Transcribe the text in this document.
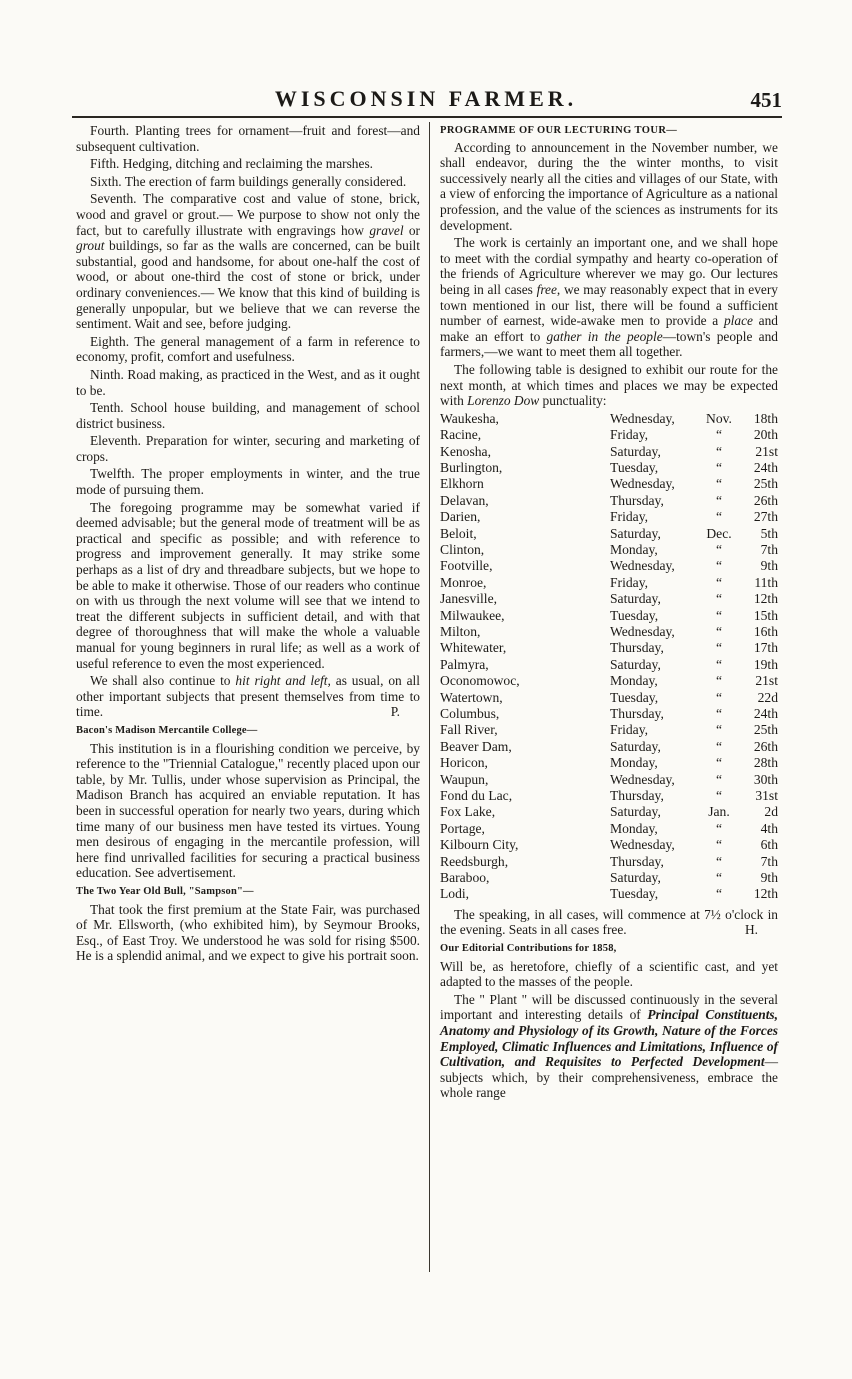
WISCONSIN FARMER.	451

Fourth. Planting trees for ornament—fruit and forest—and subsequent cultivation.

Fifth. Hedging, ditching and reclaiming the marshes.

Sixth. The erection of farm buildings generally considered.

Seventh. The comparative cost and value of stone, brick, wood and gravel or grout.— We purpose to show not only the fact, but to carefully illustrate with engravings how gravel or grout buildings, so far as the walls are concerned, can be built substantial, good and handsome, for about one-half the cost of wood, or about one-third the cost of stone or brick, under ordinary conveniences.— We know that this kind of building is generally unpopular, but we believe that we can reverse the sentiment. Wait and see, before judging.

Eighth. The general management of a farm in reference to economy, profit, comfort and usefulness.

Ninth. Road making, as practiced in the West, and as it ought to be.

Tenth. School house building, and management of school district business.

Eleventh. Preparation for winter, securing and marketing of crops.

Twelfth. The proper employments in winter, and the true mode of pursuing them.

The foregoing programme may be somewhat varied if deemed advisable; but the general mode of treatment will be as practical and specific as possible; and with reference to progress and improvement generally. It may strike some perhaps as a list of dry and threadbare subjects, but we hope to be able to make it otherwise. Those of our readers who continue on with us through the next volume will see that we intend to treat the different subjects in sufficient detail, and with that degree of thoroughness that will make the whole a valuable manual for young beginners in rural life; as well as a work of useful reference to even the most experienced.

We shall also continue to hit right and left, as usual, on all other important subjects that present themselves from time to time.	P.

Bacon's Madison Mercantile College—

This institution is in a flourishing condition we perceive, by reference to the "Triennial Catalogue," recently placed upon our table, by Mr. Tullis, under whose supervision as Principal, the Madison Branch has acquired an enviable reputation. It has been in successful operation for nearly two years, during which time many of our business men have tested its virtues. Young men desirous of engaging in the mercantile profession, will here find unrivalled facilities for securing a practical business education. See advertisement.

The Two Year Old Bull, "Sampson"—

That took the first premium at the State Fair, was purchased of Mr. Ellsworth, (who exhibited him), by Seymour Brooks, Esq., of East Troy. We understood he was sold for rising $500. He is a splendid animal, and we expect to give his portrait soon.

PROGRAMME OF OUR LECTURING TOUR—

According to announcement in the November number, we shall endeavor, during the the winter months, to visit successively nearly all the cities and villages of our State, with a view of enforcing the importance of Agriculture as a national profession, and the value of the sciences as instruments for its development.

The work is certainly an important one, and we shall hope to meet with the cordial sympathy and hearty co-operation of the friends of Agriculture wherever we may go. Our lectures being in all cases free, we may reasonably expect that in every town mentioned in our list, there will be found a sufficient number of earnest, wide-awake men to provide a place and make an effort to gather in the people—town's people and farmers,—we want to meet them all together.

The following table is designed to exhibit our route for the next month, at which times and places we may be expected with Lorenzo Dow punctuality:

Waukesha,	Wednesday,	Nov.	18th
Racine,	Friday,	“	20th
Kenosha,	Saturday,	“	21st
Burlington,	Tuesday,	“	24th
Elkhorn	Wednesday,	“	25th
Delavan,	Thursday,	“	26th
Darien,	Friday,	“	27th
Beloit,	Saturday,	Dec.	5th
Clinton,	Monday,	“	7th
Footville,	Wednesday,	“	9th
Monroe,	Friday,	“	11th
Janesville,	Saturday,	“	12th
Milwaukee,	Tuesday,	“	15th
Milton,	Wednesday,	“	16th
Whitewater,	Thursday,	“	17th
Palmyra,	Saturday,	“	19th
Oconomowoc,	Monday,	“	21st
Watertown,	Tuesday,	“	22d
Columbus,	Thursday,	“	24th
Fall River,	Friday,	“	25th
Beaver Dam,	Saturday,	“	26th
Horicon,	Monday,	“	28th
Waupun,	Wednesday,	“	30th
Fond du Lac,	Thursday,	“	31st
Fox Lake,	Saturday,	Jan.	2d
Portage,	Monday,	“	4th
Kilbourn City,	Wednesday,	“	6th
Reedsburgh,	Thursday,	“	7th
Baraboo,	Saturday,	“	9th
Lodi,	Tuesday,	“	12th

The speaking, in all cases, will commence at 7½ o'clock in the evening. Seats in all cases free.	H.

Our Editorial Contributions for 1858,

Will be, as heretofore, chiefly of a scientific cast, and yet adapted to the masses of the people.

The " Plant " will be discussed continuously in the several important and interesting details of Principal Constituents, Anatomy and Physiology of its Growth, Nature of the Forces Employed, Climatic Influences and Limitations, Influence of Cultivation, and Requisites to Perfected Development—subjects which, by their comprehensiveness, embrace the whole range
